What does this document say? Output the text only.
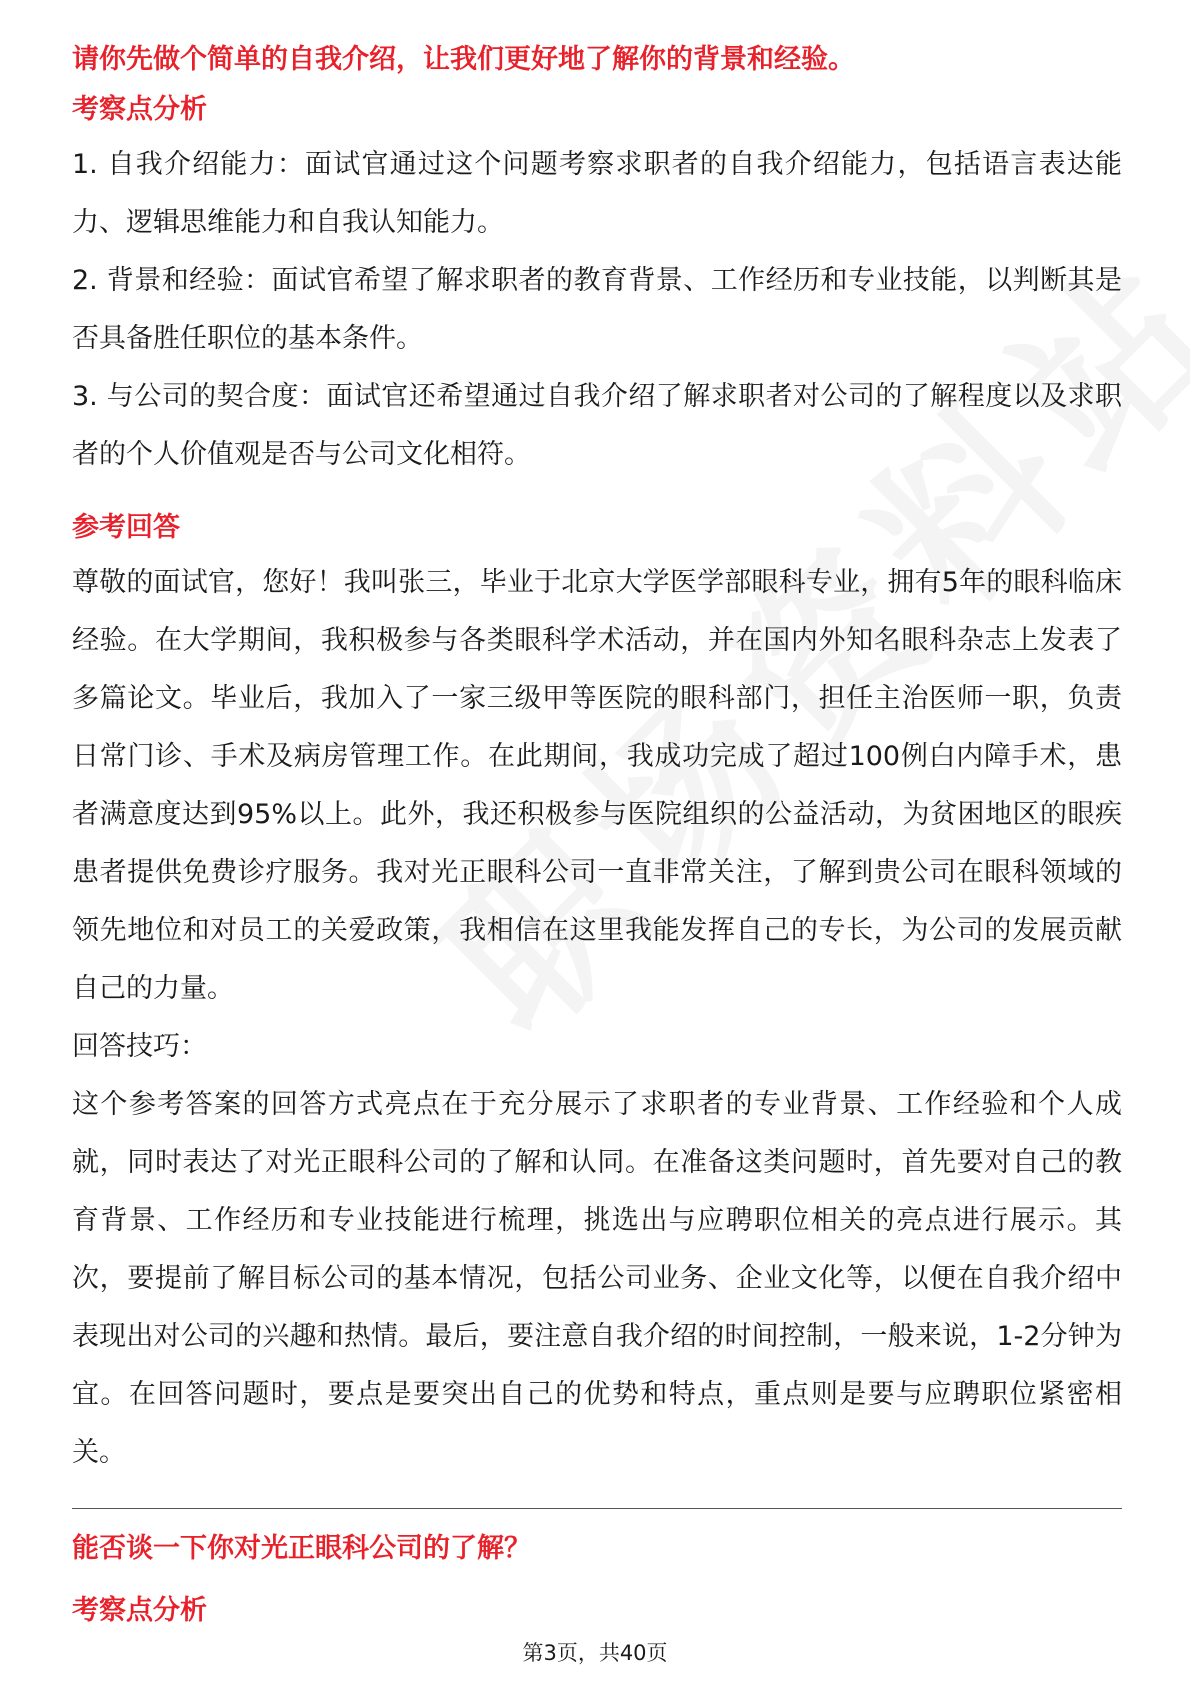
请你先做个简单的自我介绍，让我们更好地了解你的背景和经验。

考察点分析

1. 自我介绍能力：面试官通过这个问题考察求职者的自我介绍能力，包括语言表达能力、逻辑思维能力和自我认知能力。

2. 背景和经验：面试官希望了解求职者的教育背景、工作经历和专业技能，以判断其是否具备胜任职位的基本条件。

3. 与公司的契合度：面试官还希望通过自我介绍了解求职者对公司的了解程度以及求职者的个人价值观是否与公司文化相符。

参考回答

尊敬的面试官，您好！我叫张三，毕业于北京大学医学部眼科专业，拥有5年的眼科临床经验。在大学期间，我积极参与各类眼科学术活动，并在国内外知名眼科杂志上发表了多篇论文。毕业后，我加入了一家三级甲等医院的眼科部门，担任主治医师一职，负责日常门诊、手术及病房管理工作。在此期间，我成功完成了超过100例白内障手术，患者满意度达到95%以上。此外，我还积极参与医院组织的公益活动，为贫困地区的眼疾患者提供免费诊疗服务。我对光正眼科公司一直非常关注，了解到贵公司在眼科领域的领先地位和对员工的关爱政策，我相信在这里我能发挥自己的专长，为公司的发展贡献自己的力量。

回答技巧：

这个参考答案的回答方式亮点在于充分展示了求职者的专业背景、工作经验和个人成就，同时表达了对光正眼科公司的了解和认同。在准备这类问题时，首先要对自己的教育背景、工作经历和专业技能进行梳理，挑选出与应聘职位相关的亮点进行展示。其次，要提前了解目标公司的基本情况，包括公司业务、企业文化等，以便在自我介绍中表现出对公司的兴趣和热情。最后，要注意自我介绍的时间控制，一般来说，1-2分钟为宜。在回答问题时，要点是要突出自己的优势和特点，重点则是要与应聘职位紧密相关。

能否谈一下你对光正眼科公司的了解？

考察点分析

第3页，共40页
